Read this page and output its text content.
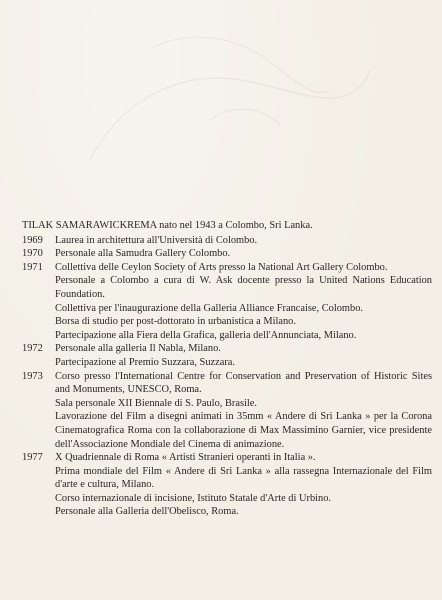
TILAK SAMARAWICKREMA nato nel 1943 a Colombo, Sri Lanka.

1969	Laurea in architettura all'Università di Colombo.

1970	Personale alla Samudra Gallery Colombo.

1971	Collettiva delle Ceylon Society of Arts presso la National Art Gallery Colombo.

Personale a Colombo a cura di W. Ask docente presso la United Nations Education Foundation.

Collettiva per l'inaugurazione della Galleria Alliance Francaise, Colombo.

Borsa di studio per post-dottorato in urbanistica a Milano.

Partecipazione alla Fiera della Grafica, galleria dell'Annunciata, Milano.

1972	Personale alla galleria Il Nabla, Milano.

Partecipazione al Premio Suzzara, Suzzara.

1973	Corso presso l'International Centre for Conservation and Preservation of Historic Sites and Monuments, UNESCO, Roma.

Sala personale XII Biennale di S. Paulo, Brasile.

Lavorazione del Film a disegni animati in 35mm « Andere di Sri Lanka » per la Corona Cinematografica Roma con la collaborazione di Max Massimino Garnier, vice presidente dell'Associazione Mondiale del Cinema di animazione.

1977	X Quadriennale di Roma « Artisti Stranieri operanti in Italia ».

Prima mondiale del Film « Andere di Sri Lanka » alla rassegna Internazionale del Film d'arte e cultura, Milano.

Corso internazionale di incisione, Istituto Statale d'Arte di Urbino.

Personale alla Galleria dell'Obelisco, Roma.
